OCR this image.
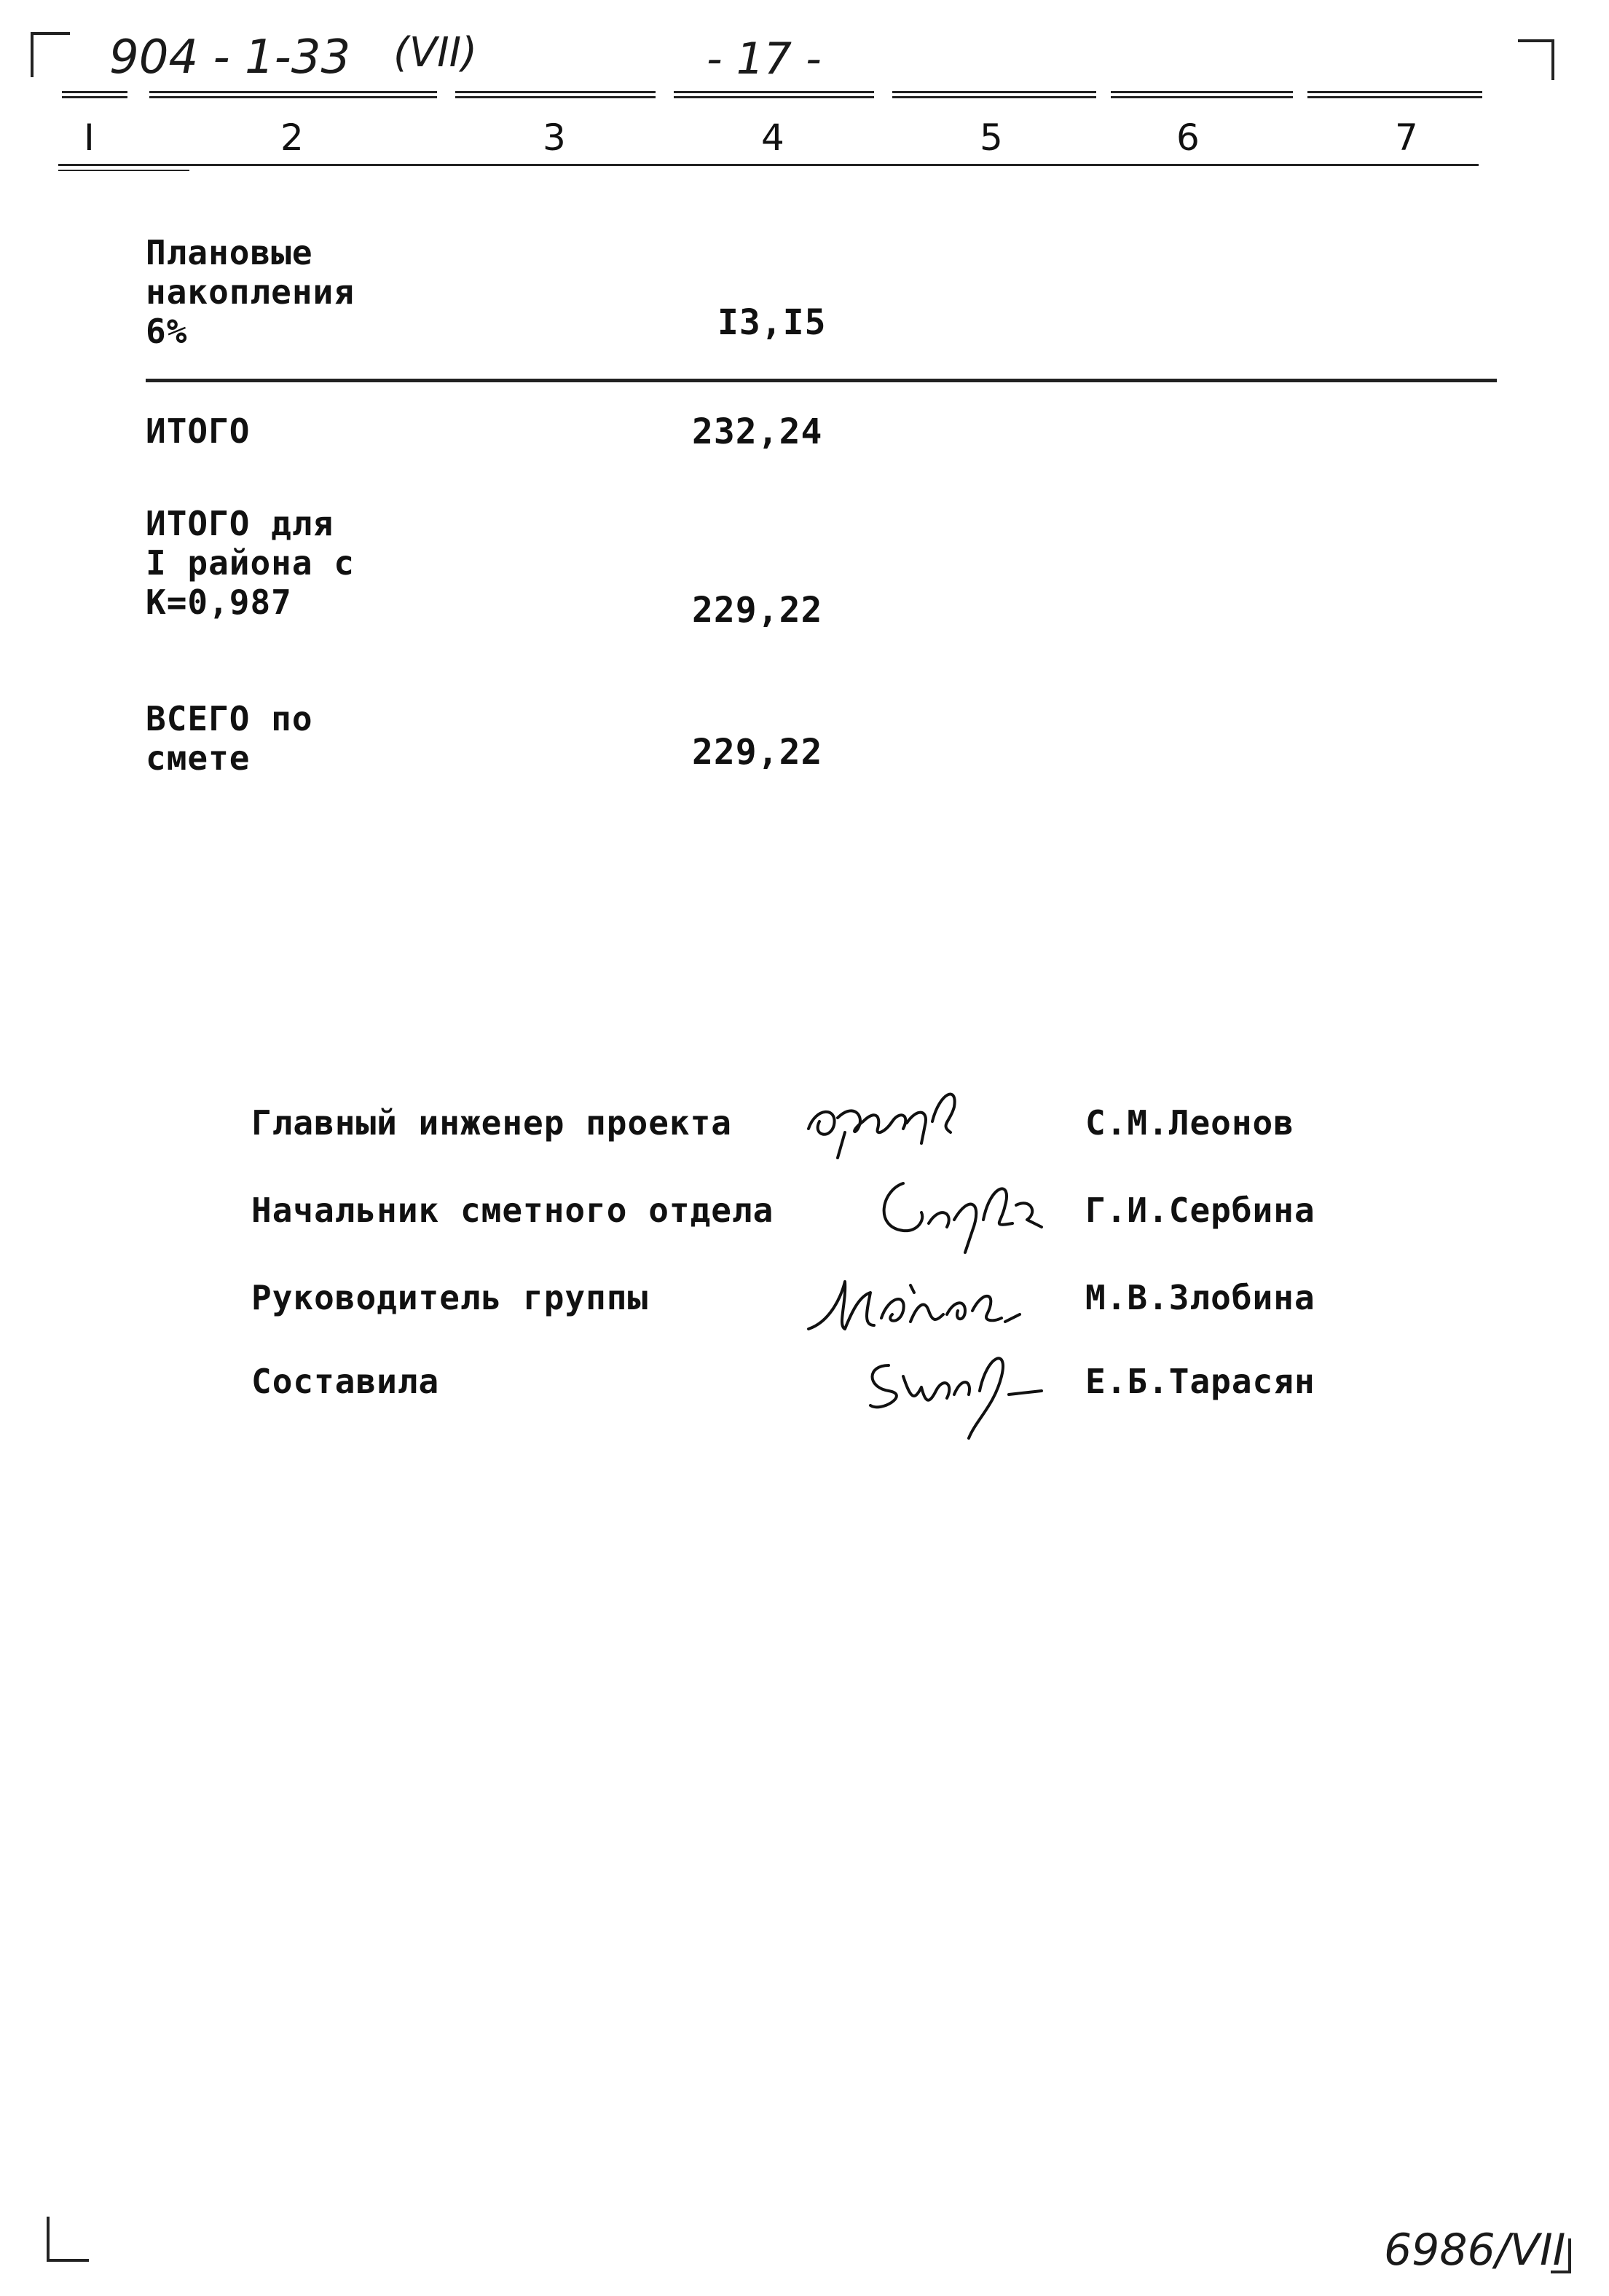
904 - 1-33 (VII)	- 17 -
I	2	3	4	5	6	7
Плановые
накопления
6%	I3,I5
ИТОГО	232,24
ИТОГО для
I района с
К=0,987	229,22
ВСЕГО по
смете	229,22
Главный инженер проекта	С.М.Леонов
Начальник сметного отдела	Г.И.Сербина
Руководитель группы	М.В.Злобина
Составила	Е.Б.Тарасян
6986/VII
